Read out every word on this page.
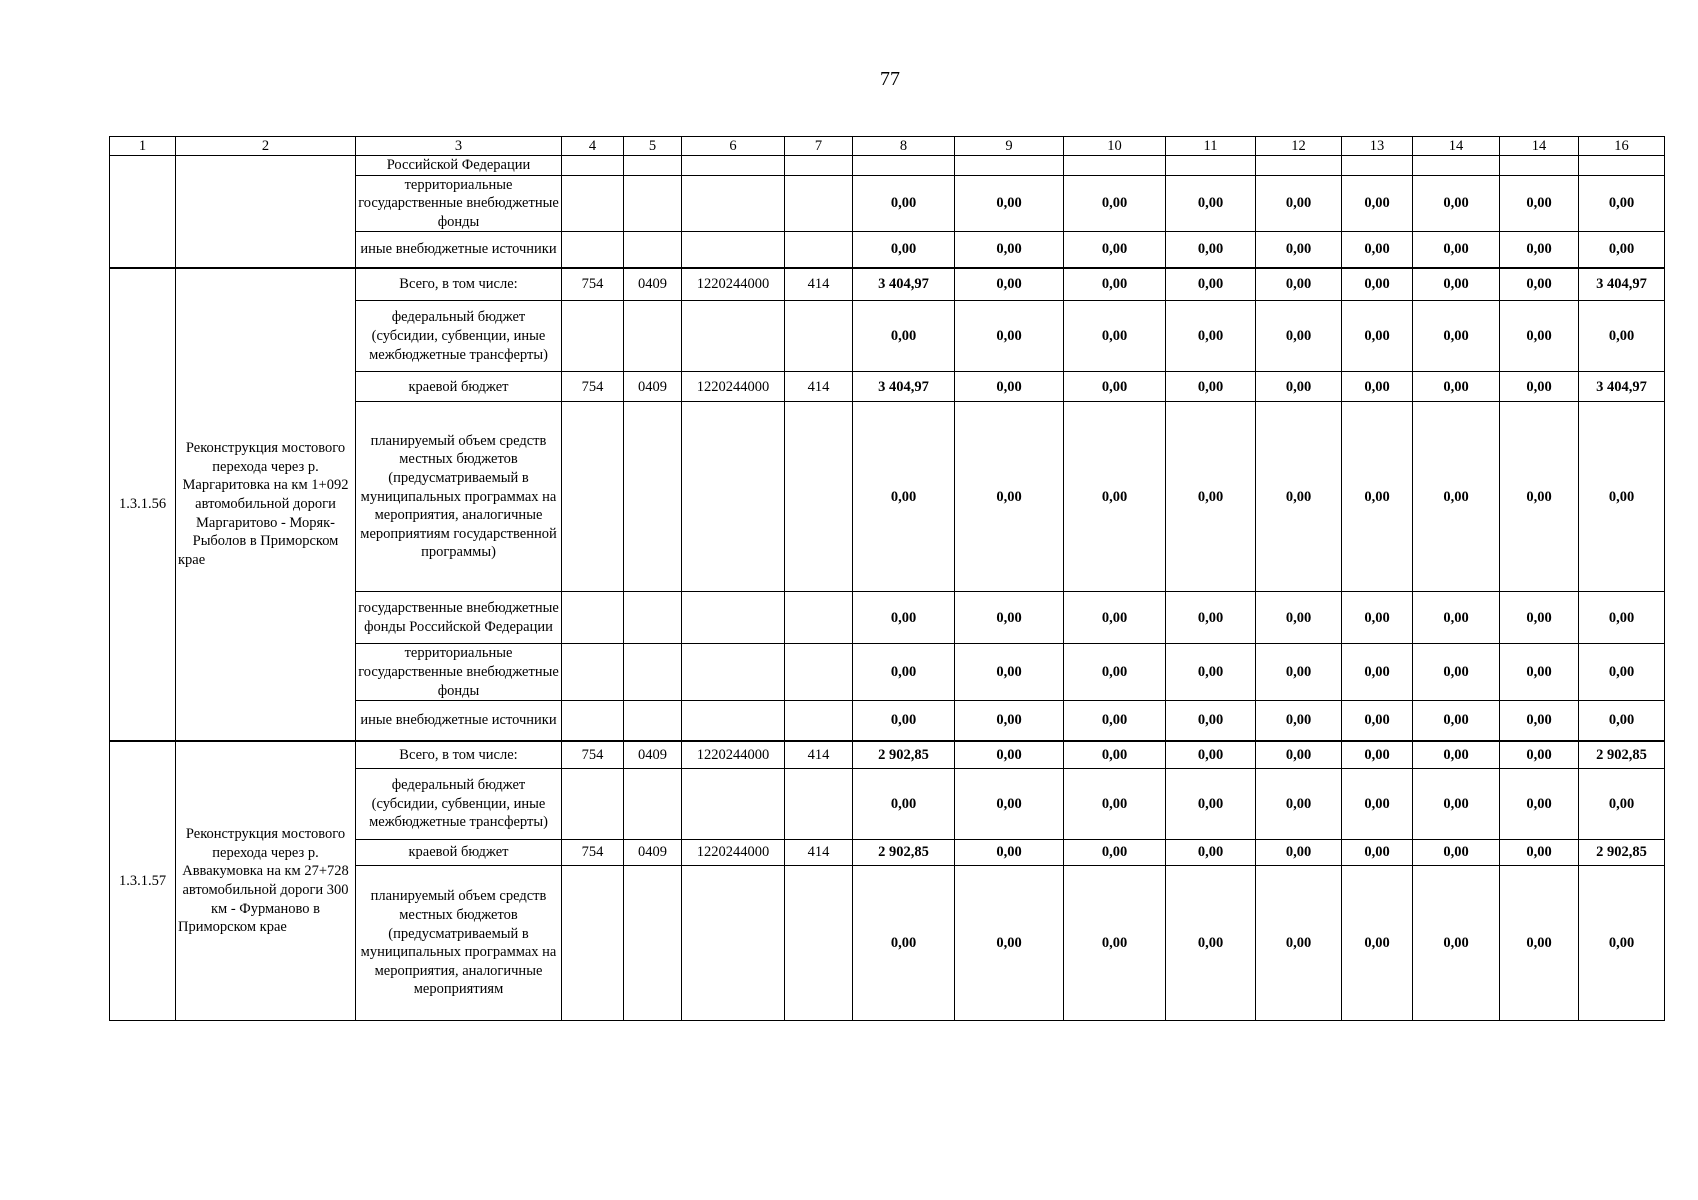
77
1	2	3	4	5	6	7	8	9	10	11	12	13	14	14	16
		Российской Федерации													
		территориальные государственные внебюджетные фонды					0,00	0,00	0,00	0,00	0,00	0,00	0,00	0,00	0,00
		иные внебюджетные источники					0,00	0,00	0,00	0,00	0,00	0,00	0,00	0,00	0,00
1.3.1.56	Реконструкция мостового перехода через р. Маргаритовка на км 1+092 автомобильной дороги Маргаритово - Моряк-Рыболов в Приморском крае	Всего, в том числе:	754	0409	1220244000	414	3 404,97	0,00	0,00	0,00	0,00	0,00	0,00	0,00	3 404,97
		федеральный бюджет (субсидии, субвенции, иные межбюджетные трансферты)					0,00	0,00	0,00	0,00	0,00	0,00	0,00	0,00	0,00
		краевой бюджет	754	0409	1220244000	414	3 404,97	0,00	0,00	0,00	0,00	0,00	0,00	0,00	3 404,97
		планируемый объем средств местных бюджетов (предусматриваемый в муниципальных программах на мероприятия, аналогичные мероприятиям государственной программы)					0,00	0,00	0,00	0,00	0,00	0,00	0,00	0,00	0,00
		государственные внебюджетные фонды Российской Федерации					0,00	0,00	0,00	0,00	0,00	0,00	0,00	0,00	0,00
		территориальные государственные внебюджетные фонды					0,00	0,00	0,00	0,00	0,00	0,00	0,00	0,00	0,00
		иные внебюджетные источники					0,00	0,00	0,00	0,00	0,00	0,00	0,00	0,00	0,00
1.3.1.57	Реконструкция мостового перехода через р. Аввакумовка на км 27+728 автомобильной дороги 300 км - Фурманово в Приморском крае	Всего, в том числе:	754	0409	1220244000	414	2 902,85	0,00	0,00	0,00	0,00	0,00	0,00	0,00	2 902,85
		федеральный бюджет (субсидии, субвенции, иные межбюджетные трансферты)					0,00	0,00	0,00	0,00	0,00	0,00	0,00	0,00	0,00
		краевой бюджет	754	0409	1220244000	414	2 902,85	0,00	0,00	0,00	0,00	0,00	0,00	0,00	2 902,85
		планируемый объем средств местных бюджетов (предусматриваемый в муниципальных программах на мероприятия, аналогичные мероприятиям					0,00	0,00	0,00	0,00	0,00	0,00	0,00	0,00	0,00
